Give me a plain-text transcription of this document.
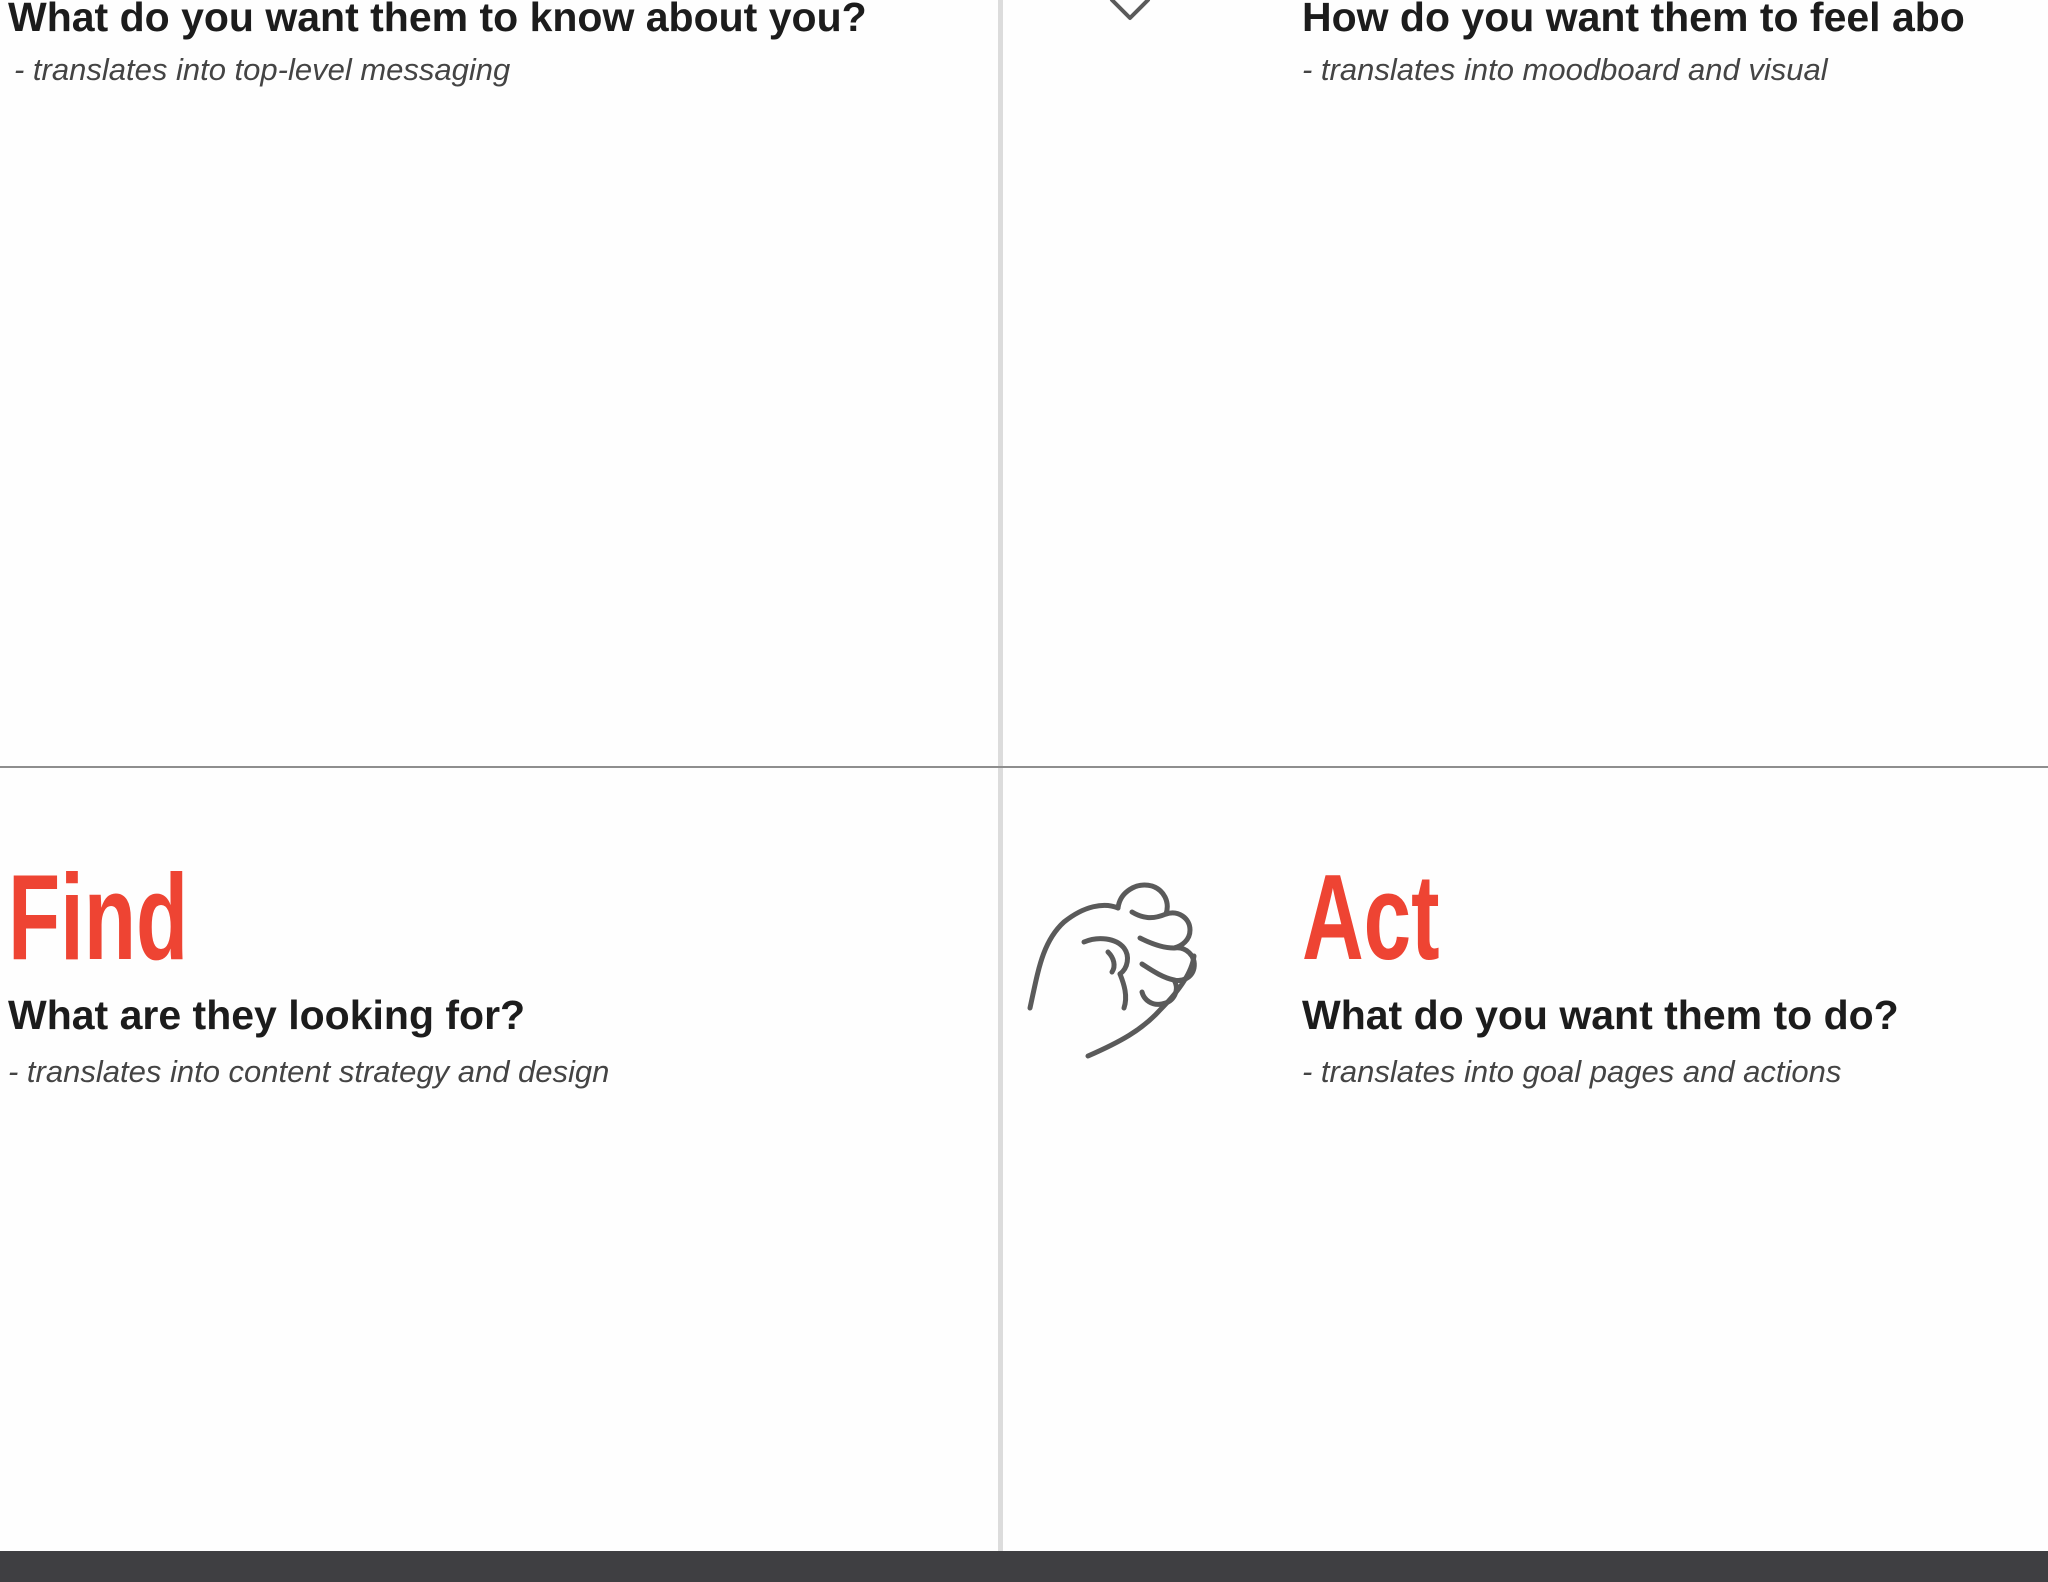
What do you want them to know about you?
- translates into top-level messaging
How do you want them to feel abo
- translates into moodboard and visual
Find
What are they looking for?
- translates into content strategy and design
Act
What do you want them to do?
- translates into goal pages and actions
